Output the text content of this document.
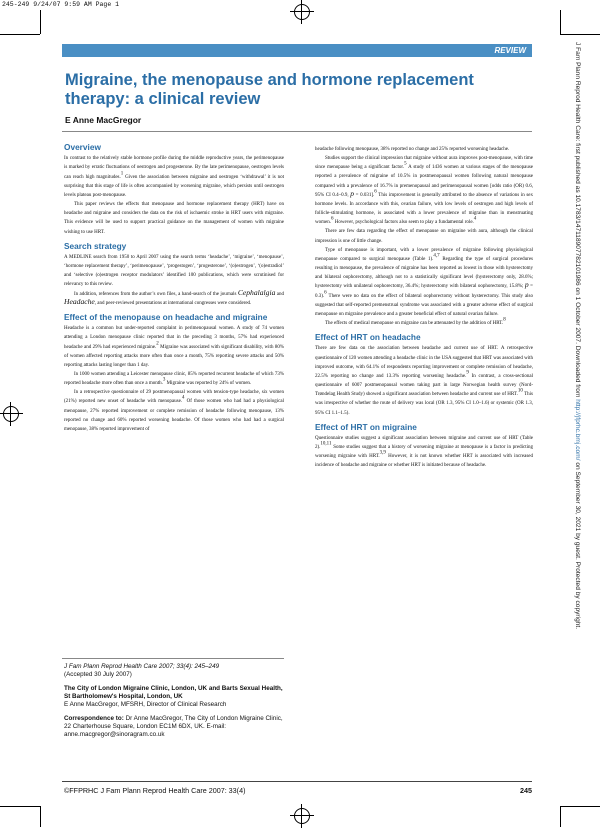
245-249 9/24/07 9:59 AM Page 1
REVIEW
Migraine, the menopause and hormone replacement therapy: a clinical review
E Anne MacGregor

Overview

In contrast to the relatively stable hormone profile during the middle reproductive years, the perimenopause is marked by erratic fluctuations of oestrogen and progesterone. By the late perimenopause, oestrogen levels can reach high magnitudes.$^1$ Given the association between migraine and oestrogen ‘withdrawal’ it is not surprising that this stage of life is often accompanied by worsening migraine, which persists until oestrogen levels plateau post-menopause.

This paper reviews the effects that menopause and hormone replacement therapy (HRT) have on headache and migraine and considers the data on the risk of ischaemic stroke in HRT users with migraine. This evidence will be used to support practical guidance on the management of women with migraine wishing to use HRT.

Search strategy

A MEDLINE search from 1950 to April 2007 using the search terms ‘headache’, ‘migraine’, ‘menopause’, ‘hormone replacement therapy’, ‘perimenopause’, ‘progestogen’, ‘progesterone’, ‘(o)estrogen’, ‘(o)estradiol’ and ‘selective (o)estrogen receptor modulators’ identified 100 publications, which were scrutinised for relevancy to this review.

In addition, references from the author’s own files, a hand-search of the journals Cephalalgia and Headache, and peer-reviewed presentations at international congresses were considered.

Effect of the menopause on headache and migraine

Headache is a common but under-reported complaint in perimenopausal women. A study of 74 women attending a London menopause clinic reported that in the preceding 3 months, 57% had experienced headache and 29% had experienced migraine.$^2$ Migraine was associated with significant disability, with 80% of women affected reporting attacks more often than once a month, 75% reporting severe attacks and 50% reporting attacks lasting longer than 1 day.

In 1000 women attending a Leicester menopause clinic, 85% reported recurrent headache of which 73% reported headache more often than once a month.$^3$ Migraine was reported by 24% of women.

In a retrospective questionnaire of 29 postmenopausal women with tension-type headache, six women (21%) reported new onset of headache with menopause.$^4$ Of those women who had had a physiological menopause, 27% reported improvement or complete remission of headache following menopause, 13% reported no change and 60% reported worsening headache. Of those women who had had a surgical menopause, 38% reported improvement of

headache following menopause, 38% reported no change and 25% reported worsening headache.

Studies support the clinical impression that migraine without aura improves post-menopause, with time since menopause being a significant factor.$^5$ A study of 1436 women at various stages of the menopause reported a prevalence of migraine of 10.5% in postmenopausal women following natural menopause compared with a prevalence of 16.7% in premenopausal and perimenopausal women [odds ratio (OR) 0.6, 95% CI 0.4–0.9, p = 0.031].$^6$ This improvement is generally attributed to the absence of variations in sex hormone levels. In accordance with this, ovarian failure, with low levels of oestrogen and high levels of follicle-stimulating hormone, is associated with a lower prevalence of migraine than in menstruating women.$^6$ However, psychological factors also seem to play a fundamental role.$^4$

There are few data regarding the effect of menopause on migraine with aura, although the clinical impression is one of little change.

Type of menopause is important, with a lower prevalence of migraine following physiological menopause compared to surgical menopause (Table 1).$^{4,7}$ Regarding the type of surgical procedures resulting in menopause, the prevalence of migraine has been reported as lowest in those with hysterectomy and bilateral oophorectomy, although not to a statistically significant level (hysterectomy only, 28.6%; hysterectomy with unilateral oophorectomy, 36.4%; hysterectomy with bilateral oophorectomy, 15.8%; p = 0.3).$^6$ There were no data on the effect of bilateral oophorectomy without hysterectomy. This study also suggested that self-reported premenstrual syndrome was associated with a greater adverse effect of surgical menopause on migraine prevalence and a greater beneficial effect of natural ovarian failure.

The effects of medical menopause on migraine can be attenuated by the addition of HRT.$^8$

Effect of HRT on headache

There are few data on the association between headache and current use of HRT. A retrospective questionnaire of 120 women attending a headache clinic in the USA suggested that HRT was associated with improved outcome, with 64.1% of respondents reporting improvement or complete remission of headache, 22.5% reporting no change and 13.3% reporting worsening headache.$^9$ In contrast, a cross-sectional questionnaire of 6007 postmenopausal women taking part in large Norwegian health survey (Nord-Trøndelag Health Study) showed a significant association between headache and current use of HRT.$^{10}$ This was irrespective of whether the route of delivery was local (OR 1.3, 95% CI 1.0–1.6) or systemic (OR 1.3, 95% CI 1.1–1.5).

Effect of HRT on migraine

Questionnaire studies suggest a significant association between migraine and current use of HRT (Table 2).$^{10,11}$ Some studies suggest that a history of worsening migraine at menopause is a factor in predicting worsening migraine with HRT.$^{3,9}$ However, it is not known whether HRT is associated with increased incidence of headache and migraine or whether HRT is initiated because of headache.

J Fam Plann Reprod Health Care 2007; 33(4): 245–249

(Accepted 30 July 2007)

The City of London Migraine Clinic, London, UK and Barts Sexual Health, St Bartholomew's Hospital, London, UK

E Anne MacGregor, MFSRH, Director of Clinical Research

Correspondence to: Dr Anne MacGregor, The City of London Migraine Clinic, 22 Charterhouse Square, London EC1M 6DX, UK. E-mail: anne.macgregor@sinoragram.co.uk

©FFPRHC J Fam Plann Reprod Health Care 2007: 33(4)	245
J Fam Plann Reprod Health Care: first published as 10.1783/147118907782101986 on 1 October 2007. Downloaded from http://jfprhc.bmj.com/ on September 30, 2021 by guest. Protected by copyright.
